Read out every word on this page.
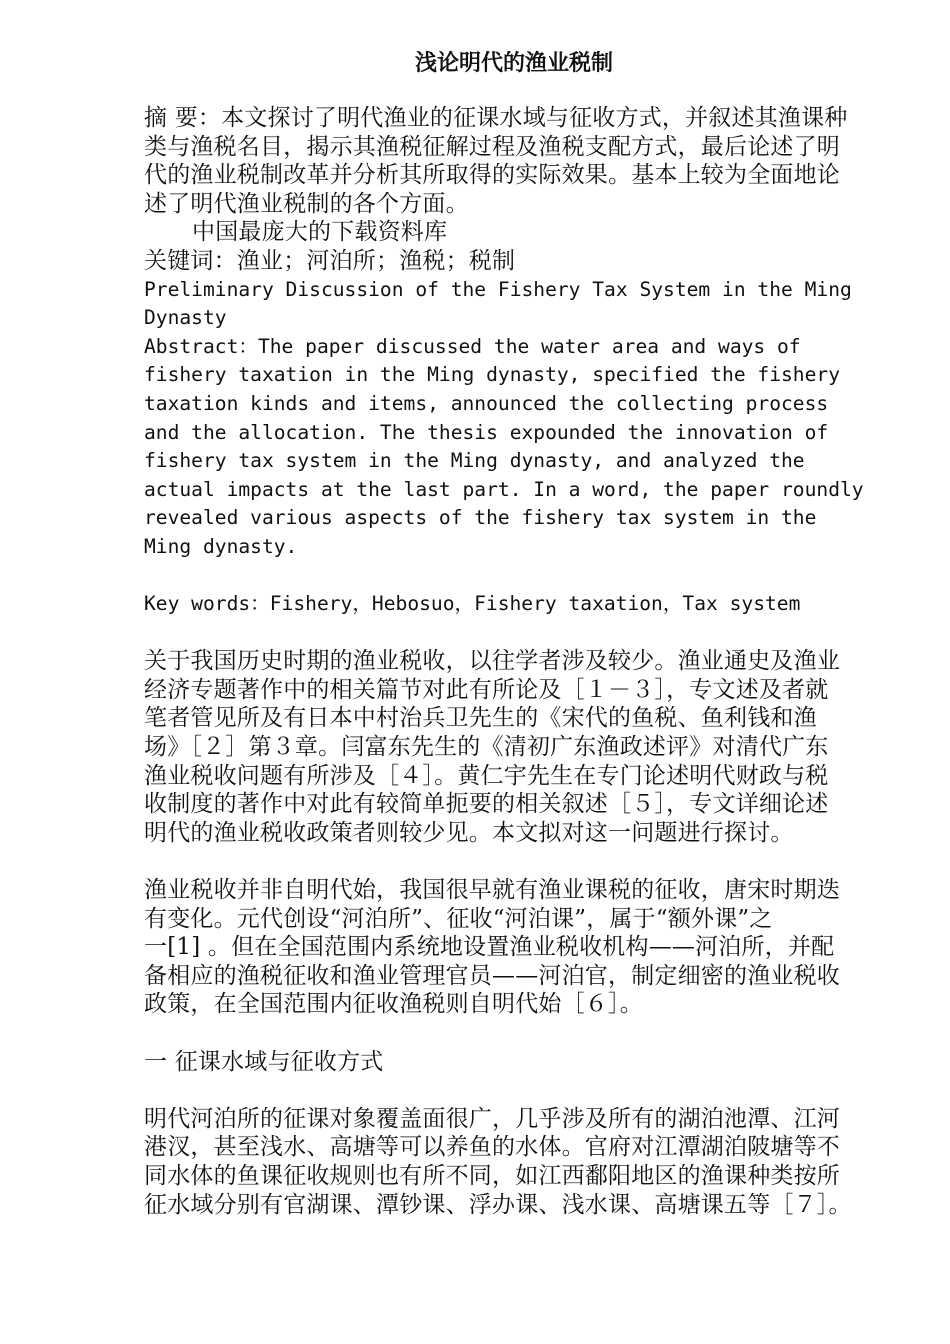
浅论明代的渔业税制

摘 要：本文探讨了明代渔业的征课水域与征收方式，并叙述其渔课种

类与渔税名目，揭示其渔税征解过程及渔税支配方式，最后论述了明

代的渔业税制改革并分析其所取得的实际效果。基本上较为全面地论

述了明代渔业税制的各个方面。

中国最庞大的下载资料库

关键词：渔业；河泊所；渔税；税制

Preliminary Discussion of the Fishery Tax System in the Ming

Dynasty

Abstract：The paper discussed the water area and ways of

fishery taxation in the Ming dynasty, specified the fishery

taxation kinds and items, announced the collecting process

and the allocation. The thesis expounded the innovation of

fishery tax system in the Ming dynasty, and analyzed the

actual impacts at the last part. In a word, the paper roundly

revealed various aspects of the fishery tax system in the

Ming dynasty.

Key words：Fishery，Hebosuo，Fishery taxation，Tax system

关于我国历史时期的渔业税收，以往学者涉及较少。渔业通史及渔业

经济专题著作中的相关篇节对此有所论及［１－３］，专文述及者就

笔者管见所及有日本中村治兵卫先生的《宋代的鱼税、鱼利钱和渔

场》［２］第３章。闫富东先生的《清初广东渔政述评》对清代广东

渔业税收问题有所涉及［４］。黄仁宇先生在专门论述明代财政与税

收制度的著作中对此有较简单扼要的相关叙述［５］，专文详细论述

明代的渔业税收政策者则较少见。本文拟对这一问题进行探讨。

渔业税收并非自明代始，我国很早就有渔业课税的征收，唐宋时期迭

有变化。元代创设“河泊所”、征收“河泊课”，属于“额外课”之

一[1] 。但在全国范围内系统地设置渔业税收机构——河泊所，并配

备相应的渔税征收和渔业管理官员——河泊官，制定细密的渔业税收

政策，在全国范围内征收渔税则自明代始［６］。

一 征课水域与征收方式

明代河泊所的征课对象覆盖面很广，几乎涉及所有的湖泊池潭、江河

港汊，甚至浅水、高塘等可以养鱼的水体。官府对江潭湖泊陂塘等不

同水体的鱼课征收规则也有所不同，如江西鄱阳地区的渔课种类按所

征水域分别有官湖课、潭钞课、浮办课、浅水课、高塘课五等［７］。
